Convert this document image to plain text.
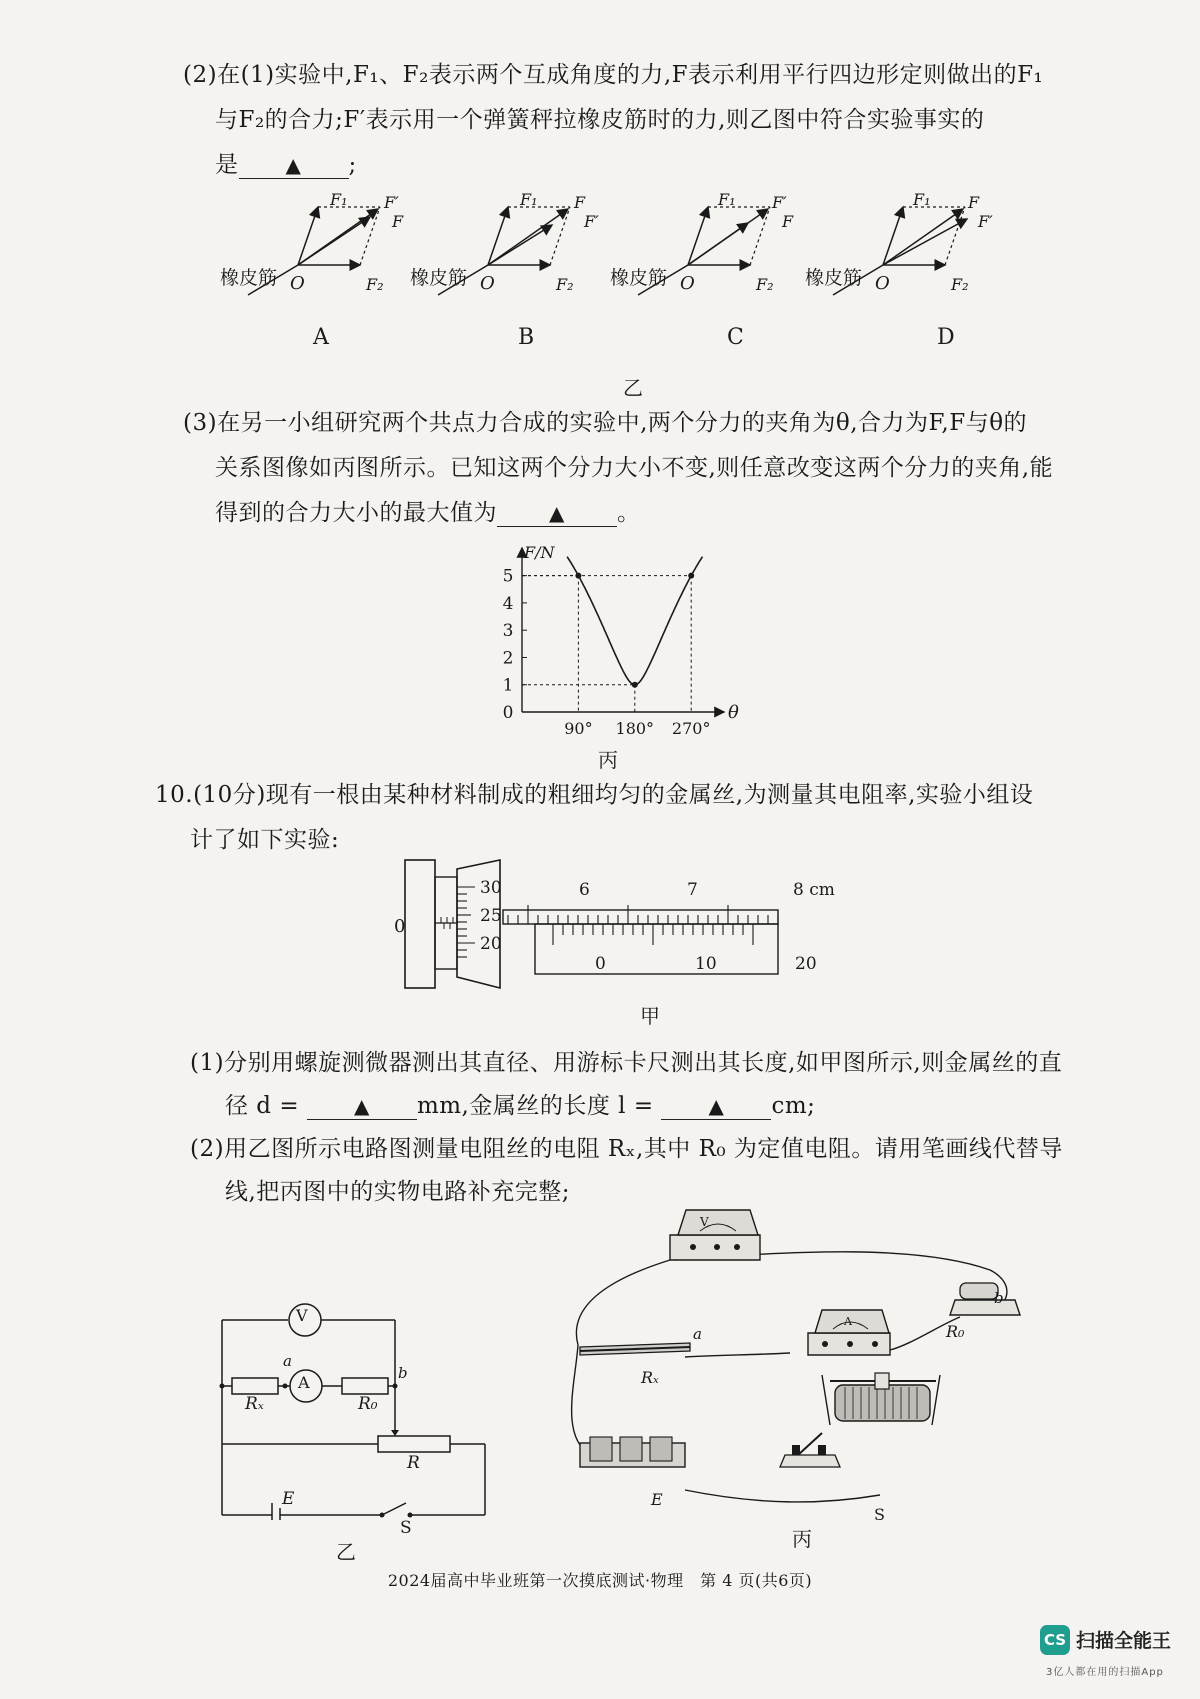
(2)在(1)实验中,F₁、F₂表示两个互成角度的力,F表示利用平行四边形定则做出的F₁
与F₂的合力;F′表示用一个弹簧秤拉橡皮筋时的力,则乙图中符合实验事实的
是 ▲ ;
橡皮筋	橡皮筋	橡皮筋	橡皮筋
O	O	O	O
F₁	F₁	F₁	F₁
F₂	F₂	F₂	F₂
F′
F
F
F′
F′
F
F
F′
A	B	C	D
乙
(3)在另一小组研究两个共点力合成的实验中,两个分力的夹角为θ,合力为F,F与θ的
关系图像如丙图所示。已知这两个分力大小不变,则任意改变这两个分力的夹角,能
得到的合力大小的最大值为	▲ 。
0
1
2
3
4
5
90° 180° 270°
F/N
θ
丙
10.(10分)现有一根由某种材料制成的粗细均匀的金属丝,为测量其电阻率,实验小组设
计了如下实验:
0
30
25
20
6	7	8 cm
0	10	20
甲
(1)分别用螺旋测微器测出其直径、用游标卡尺测出其长度,如甲图所示,则金属丝的直
径 d =	▲ mm,金属丝的长度 l =	▲ cm;
(2)用乙图所示电路图测量电阻丝的电阻 Rₓ,其中 R₀ 为定值电阻。请用笔画线代替导
线,把丙图中的实物电路补充完整;
V
A
a
b
Rₓ	R₀
R
E
S
乙
V
A
a
b
Rₓ
R₀
E
S
丙
2024届高中毕业班第一次摸底测试·物理　第 4 页(共6页)
CS 扫描全能王
3亿人都在用的扫描App
